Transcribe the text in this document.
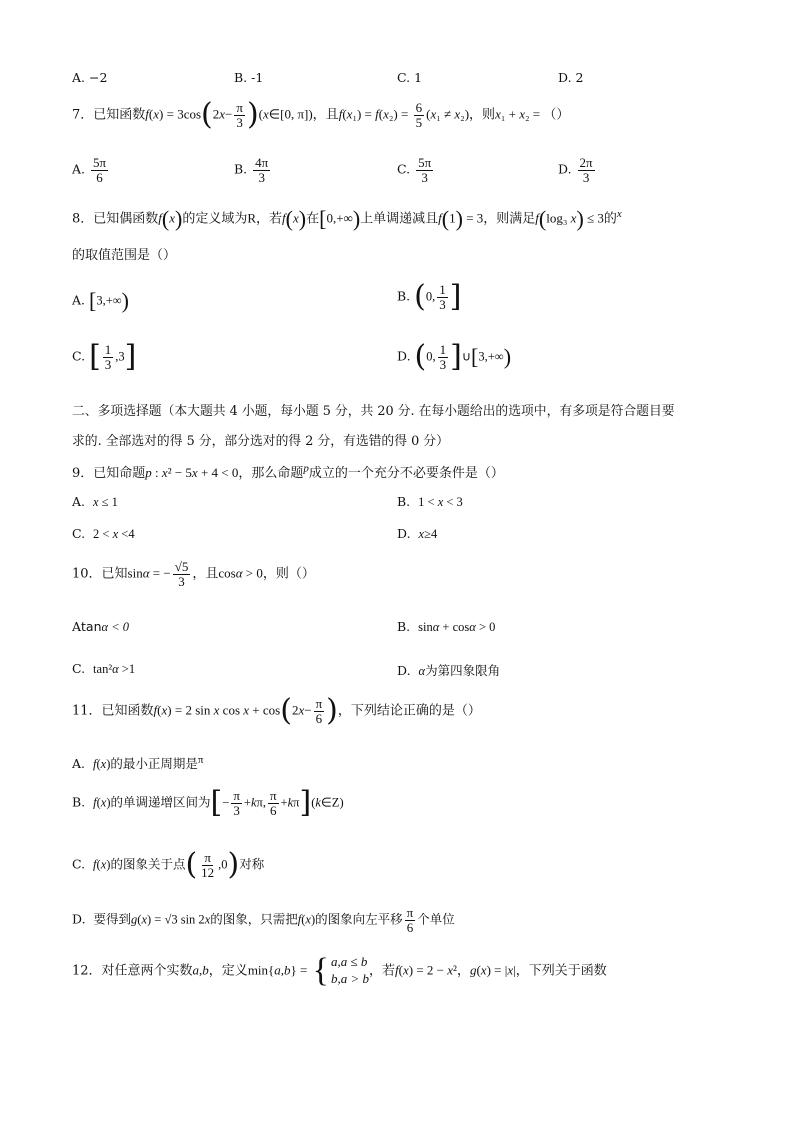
A. −2	B. -1	C. 1	D. 2
7．已知函数$f(x) = 3\cos(2x- \frac{\pi}{3}$ )(x∈[0, π])，且$f(x_1) = f(x_2) = \frac{6}{5} (x_1 \ne x_2)$，则x₁ + x₂ = （）
A. $\frac{5\pi}{6}$	B. $\frac{4\pi}{3}$	C. $\frac{5\pi}{3}$	D. $\frac{2\pi}{3}$
8．已知偶函数f(x)的定义域为R，若f(x)在[0,+∞)上单调递减且f(1) = 3，则满足f(log₃ x) ≤ 3的$^x$
的取值范围是（）
A. [3,+∞)	B. (0, $\frac{1}{3}$ ]
C. [ $\frac{1}{3} ,3$]	D. (0, $\frac{1}{3}$ ]∪[3,+∞)
二、多项选择题（本大题共 4 小题，每小题 5 分，共 20 分. 在每小题给出的选项中，有多项是符合题目要
求的. 全部选对的得 5 分，部分选对的得 2 分，有选错的得 0 分）
9．已知命题p : x² − 5x + 4 < 0，那么命题$^p$成立的一个充分不必要条件是（）
A. x ≤ 1	B. 1 < x < 3
C. 2 < x <4	D. x≥4
10．已知sinα = − $\frac{√5}{3}$ ，且cosα > 0，则（）
Atanα < 0	B. sinα + cosα > 0
C. tan²α >1	D. α为第四象限角
11．已知函数f(x) = 2 sin x $\cos x + \cos(2x- \frac{\pi}{6}$ )，下列结论正确的是（）
A. f(x)的最小正周期是π
B. f(x)的单调递增区间为[− $\frac{\pi}{3} +k\pi$, $\frac{\pi}{6}$ +kπ](k∈Z)
C. f(x)的图象关于点( $\frac{\pi}{12} ,0$)对称
D. 要得到g(x) = √3 sin 2x的图象，只需把f(x)的图象向左平移 $\frac{\pi}{6}$ 个单位
12．对任意两个实数a,b，定义min{a,b} = { a,a ≤ b
b,a > b ，若f(x) = 2 − x²，g(x) = |x|，下列关于函数
